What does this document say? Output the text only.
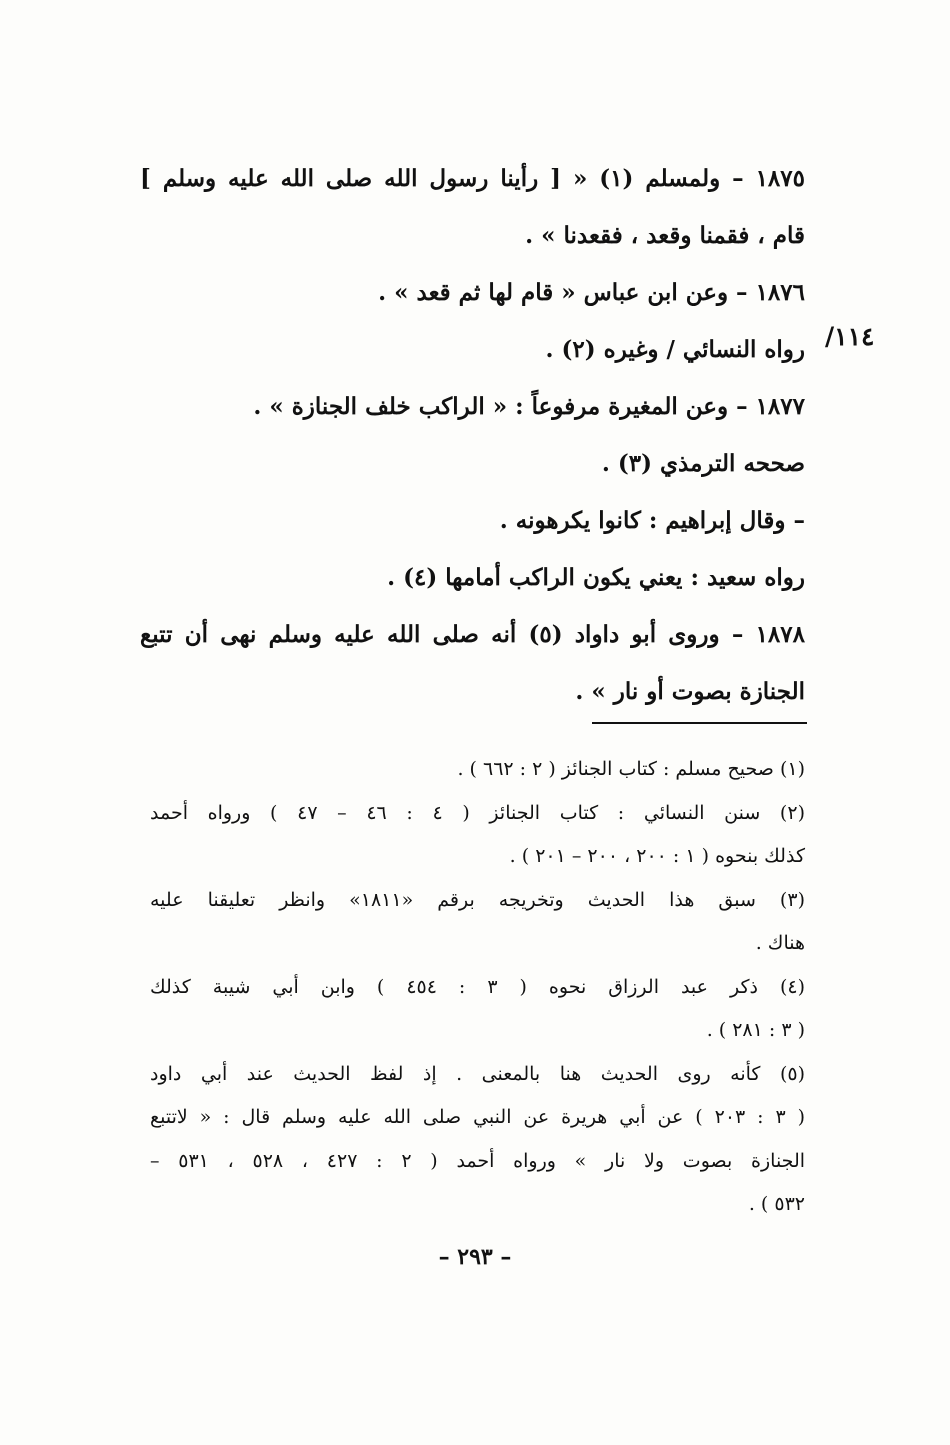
١١٤/
١٨٧٥ – ولمسلم (١) « [ رأينا رسول الله صلى الله عليه وسلم ]
قام ، فقمنا وقعد ، فقعدنا » .
١٨٧٦ – وعن ابن عباس « قام لها ثم قعد » .
رواه النسائي / وغيره (٢) .
١٨٧٧ – وعن المغيرة مرفوعاً : « الراكب خلف الجنازة » .
صححه الترمذي (٣) .
– وقال إبراهيم : كانوا يكرهونه .
رواه سعيد : يعني يكون الراكب أمامها (٤) .
١٨٧٨ – وروى أبو داواد (٥) أنه صلى الله عليه وسلم نهى أن تتبع
الجنازة بصوت أو نار » .
(١) صحيح مسلم : كتاب الجنائز ( ٢ : ٦٦٢ ) .
(٢) سنن النسائي : كتاب الجنائز ( ٤ : ٤٦ – ٤٧ ) ورواه أحمد
كذلك بنحوه ( ١ : ٢٠٠ ، ٢٠٠ – ٢٠١ ) .
(٣) سبق هذا الحديث وتخريجه برقم «١٨١١» وانظر تعليقنا عليه
هناك .
(٤) ذكر عبد الرزاق نحوه ( ٣ : ٤٥٤ ) وابن أبي شيبة كذلك
( ٣ : ٢٨١ ) .
(٥) كأنه روى الحديث هنا بالمعنى . إذ لفظ الحديث عند أبي داود
( ٣ : ٢٠٣ ) عن أبي هريرة عن النبي صلى الله عليه وسلم قال : « لاتتبع
الجنازة بصوت ولا نار » ورواه أحمد ( ٢ : ٤٢٧ ، ٥٢٨ ، ٥٣١ –
٥٣٢ ) .
– ٢٩٣ –
